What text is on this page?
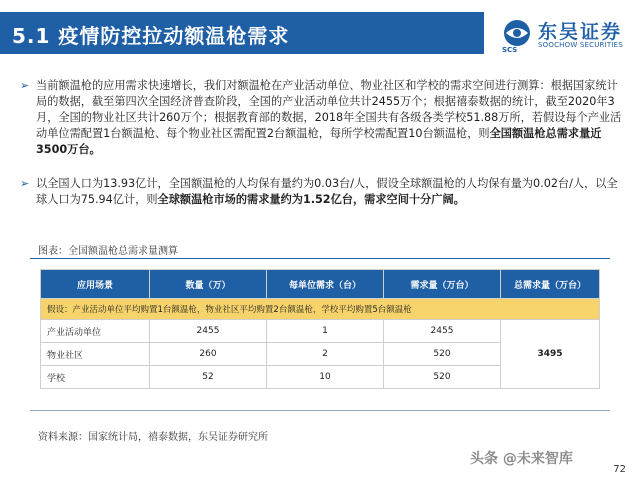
5.1 疫情防控拉动额温枪需求
SCS
东吴证券
SOOCHOW SECURITIES
➢ 当前额温枪的应用需求快速增长，我们对额温枪在产业活动单位、物业社区和学校的需求空间进行测算：根据国家统计局的数据，截至第四次全国经济普查阶段，全国的产业活动单位共计2455万个；根据禧泰数据的统计，截至2020年3月，全国的物业社区共计260万个；根据教育部的数据，2018年全国共有各级各类学校51.88万所，若假设每个产业活动单位需配置1台额温枪、每个物业社区需配置2台额温枪，每所学校需配置10台额温枪，则全国额温枪总需求量近3500万台。
➢ 以全国人口为13.93亿计，全国额温枪的人均保有量约为0.03台/人，假设全球额温枪的人均保有量为0.02台/人，以全球人口为75.94亿计，则全球额温枪市场的需求量约为1.52亿台，需求空间十分广阔。
图表：全国额温枪总需求量测算
应用场景	数量（万）	每单位需求（台）	需求量（万台）	总需求量（万台）
假设：产业活动单位平均购置1台额温枪，物业社区平均购置2台额温枪，学校平均购置5台额温枪				
产业活动单位	2455	1	2455	3495
物业社区	260	2	520	
学校	52	10	520	
资料来源：国家统计局，禧泰数据，东吴证券研究所
头条 @未来智库
72
